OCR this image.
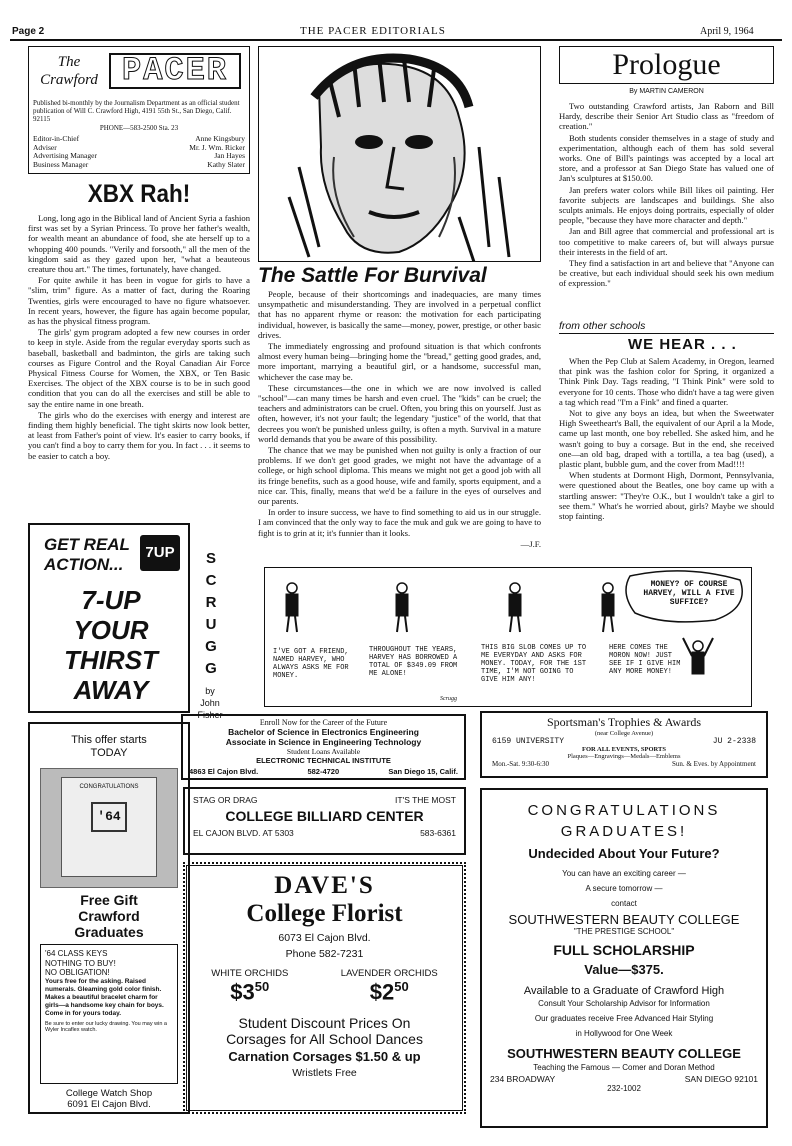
Page 2	THE PACER EDITORIALS	April 9, 1964
The
Crawford PACER
Published bi-monthly by the Journalism Department as an official student publication of Will C. Crawford High, 4191 55th St., San Diego, Calif. 92115
PHONE—583-2500 Sta. 23
Editor-in-Chief	Anne Kingsbury
Adviser	Mr. J. Wm. Ricker
Advertising Manager	Jan Hayes
Business Manager	Kathy Slater
XBX Rah!

Long, long ago in the Biblical land of Ancient Syria a fashion first was set by a Syrian Princess. To prove her father's wealth, for wealth meant an abundance of food, she ate herself up to a whopping 400 pounds. "Verily and forsooth," all the men of the kingdom said as they gazed upon her, "what a beauteous creature thou art." The times, fortunately, have changed.

For quite awhile it has been in vogue for girls to have a "slim, trim" figure. As a matter of fact, during the Roaring Twenties, girls were encouraged to have no figure whatsoever. In recent years, however, the figure has again become popular, as has the physical fitness program.

The girls' gym program adopted a few new courses in order to keep in style. Aside from the regular everyday sports such as baseball, basketball and badminton, the girls are taking such courses as Figure Control and the Royal Canadian Air Force Physical Fitness Course for Women, the XBX, or Ten Basic Exercises. The object of the XBX course is to be in such good condition that you can do all the exercises and still be able to say the entire name in one breath.

The girls who do the exercises with energy and interest are finding them highly beneficial. The tight skirts now look better, at least from Father's point of view. It's easier to carry books, if you can't find a boy to carry them for you. In fact . . . it seems to be easier to catch a boy.

The Sattle For Burvival

People, because of their shortcomings and inadequacies, are many times unsympathetic and misunderstanding. They are involved in a perpetual conflict that has no apparent rhyme or reason: the motivation for each participating individual, however, is basically the same—money, power, prestige, or other basic drives.

The immediately engrossing and profound situation is that which confronts almost every human being—bringing home the "bread," getting good grades, and, more important, marrying a beautiful girl, or a handsome, successful man, whichever the case may be.

These circumstances—the one in which we are now involved is called "school"—can many times be harsh and even cruel. The "kids" can be cruel; the teachers and administrators can be cruel. Often, you bring this on yourself. Just as often, however, it's not your fault; the legendary "justice" of the world, that that decrees you won't be punished unless guilty, is often a myth. Survival in a mature world demands that you be aware of this possibility.

The chance that we may be punished when not guilty is only a fraction of our problems. If we don't get good grades, we might not have the advantage of a college, or high school diploma. This means we might not get a good job with all its fringe benefits, such as a good house, wife and family, sports equipment, and a nice car. This, finally, means that we'd be a failure in the eyes of ourselves and our parents.

In order to insure success, we have to find something to aid us in our struggle. I am convinced that the only way to face the muk and guk we are going to have to fight is to grin at it; it's funnier than it looks.

—J.F.
Prologue
By MARTIN CAMERON

Two outstanding Crawford artists, Jan Raborn and Bill Hardy, describe their Senior Art Studio class as "freedom of creation."

Both students consider themselves in a stage of study and experimentation, although each of them has sold several works. One of Bill's paintings was accepted by a local art store, and a professor at San Diego State has valued one of Jan's sculptures at $150.00.

Jan prefers water colors while Bill likes oil painting. Her favorite subjects are landscapes and buildings. She also sculpts animals. He enjoys doing portraits, especially of older people, "because they have more character and depth."

Jan and Bill agree that commercial and professional art is too competitive to make careers of, but will always pursue their interests in the field of art.

They find a satisfaction in art and believe that "Anyone can be creative, but each individual should seek his own medium of expression."

from other schools
WE HEAR . . .

When the Pep Club at Salem Academy, in Oregon, learned that pink was the fashion color for Spring, it organized a Think Pink Day. Tags reading, "I Think Pink" were sold to everyone for 10 cents. Those who didn't have a tag were given a tag which read "I'm a Fink" and fined a quarter.

Not to give any boys an idea, but when the Sweetwater High Sweetheart's Ball, the equivalent of our April a la Mode, came up last month, one boy rebelled. She asked him, and he wasn't going to buy a corsage. But in the end, she received one—an old bag, draped with a tortilla, a tea bag (used), a plastic plant, bubble gum, and the cover from Mad!!!!

When students at Dormont High, Dormont, Pennsylvania, were questioned about the Beatles, one boy came up with a startling answer: "They're O.K., but I wouldn't take a girl to see them." What's he worried about, girls? Maybe we should stop fainting.

GET REAL
ACTION...
7UP
7-UP
YOUR
THIRST
AWAY
S
C
R
U
G
G
by
John
Fisher
I'VE GOT A FRIEND, NAMED HARVEY, WHO ALWAYS ASKS ME FOR MONEY.
THROUGHOUT THE YEARS, HARVEY HAS BORROWED A TOTAL OF $349.09 FROM ME ALONE!
THIS BIG SLOB COMES UP TO ME EVERYDAY AND ASKS FOR MONEY. TODAY, FOR THE 1ST TIME, I'M NOT GOING TO GIVE HIM ANY!
HERE COMES THE MORON NOW! JUST SEE IF I GIVE HIM ANY MORE MONEY!
MONEY? OF COURSE HARVEY, WILL A FIVE SUFFICE?
Scrugg
Enroll Now for the Career of the Future
Bachelor of Science in Electronics Engineering
Associate in Science in Engineering Technology
Student Loans Available
ELECTRONIC TECHNICAL INSTITUTE
4863 El Cajon Blvd.	582-4720	San Diego 15, Calif.
Sportsman's Trophies & Awards
(near College Avenue)
6159 UNIVERSITY	JU 2-2338
FOR ALL EVENTS, SPORTS
Plaques—Engravings—Medals—Emblems
Mon.-Sat. 9:30-6:30	Sun. & Eves. by Appointment
This offer starts
TODAY
CONGRATULATIONS
'64
Free Gift
Crawford
Graduates
'64 CLASS KEYS
NOTHING TO BUY!
NO OBLIGATION!
Yours free for the asking. Raised numerals. Gleaming gold color finish. Makes a beautiful bracelet charm for girls—a handsome key chain for boys. Come in for yours today.
Be sure to enter our lucky drawing. You may win a Wyler Incaflex watch.
College Watch Shop
6091 El Cajon Blvd.
STAG OR DRAG	IT'S THE MOST
COLLEGE BILLIARD CENTER
EL CAJON BLVD. AT 5303	583-6361
DAVE'S
College Florist
6073 El Cajon Blvd.
Phone 582-7231
WHITE ORCHIDS
$\$3^{50}$
LAVENDER ORCHIDS
$\$2^{50}$
Student Discount Prices On
Corsages for All School Dances
Carnation Corsages $1.50 & up
Wristlets Free
CONGRATULATIONS
GRADUATES!
Undecided About Your Future?
You can have an exciting career —
A secure tomorrow —
contact
SOUTHWESTERN BEAUTY COLLEGE
"THE PRESTIGE SCHOOL"
FULL SCHOLARSHIP
Value—$375.
Available to a Graduate of Crawford High
Consult Your Scholarship Advisor for Information
Our graduates receive Free Advanced Hair Styling
in Hollywood for One Week
SOUTHWESTERN BEAUTY COLLEGE
Teaching the Famous — Comer and Doran Method
234 BROADWAY	SAN DIEGO 92101
232-1002
